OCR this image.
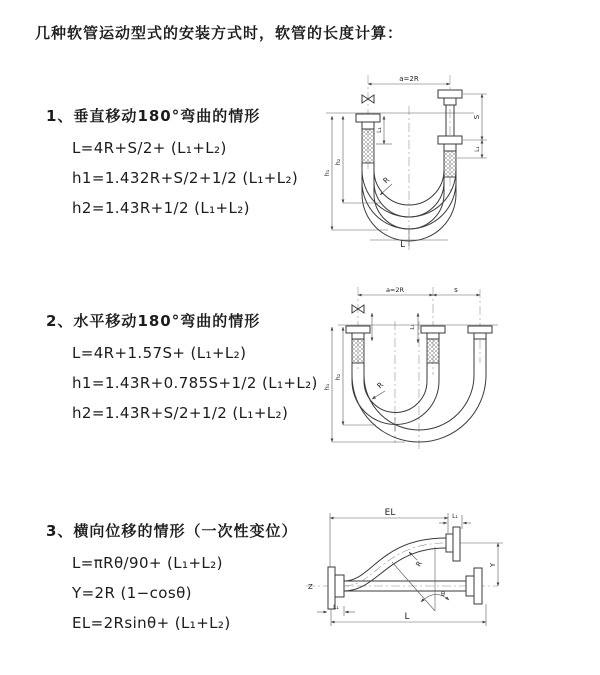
几种软管运动型式的安装方式时，软管的长度计算：
1、垂直移动180°弯曲的情形
L=4R+S/2+ (L₁+L₂)
h1=1.432R+S/2+1/2 (L₁+L₂)
h2=1.43R+1/2 (L₁+L₂)
2、水平移动180°弯曲的情形
L=4R+1.57S+ (L₁+L₂)
h1=1.43R+0.785S+1/2 (L₁+L₂)
h2=1.43R+S/2+1/2 (L₁+L₂)
3、横向位移的情形（一次性变位）
L=πRθ/90+ (L₁+L₂)
Y=2R (1−cosθ)
EL=2Rsinθ+ (L₁+L₂)
a=2R
h₁
h₂
L₁
S
L₁
R
L
a=2R	s
h₁
h₂
L₁
R
Z
EL	L₁
Y
θ
R
L
L₁
